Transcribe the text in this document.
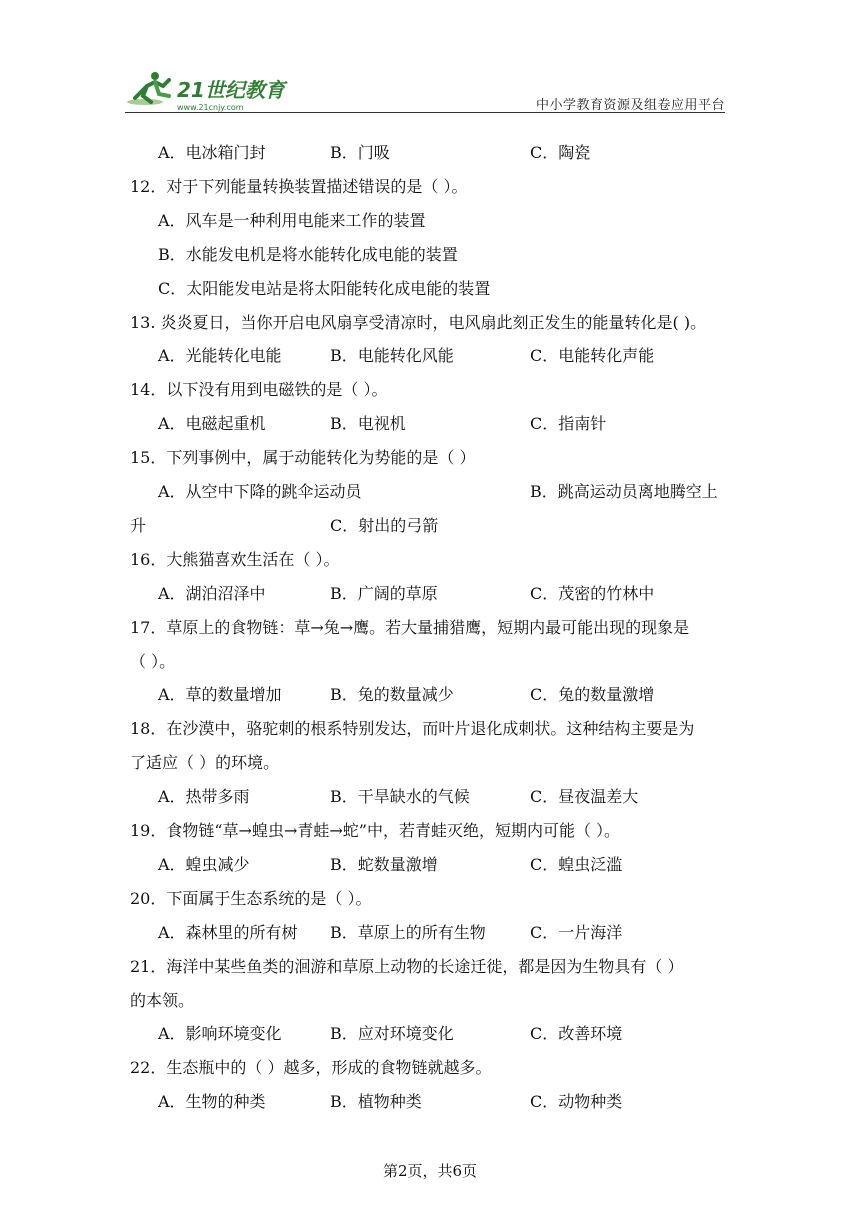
21世纪教育
www.21cnjy.com	中小学教育资源及组卷应用平台
A．电冰箱门封	B．门吸	C．陶瓷
12．对于下列能量转换装置描述错误的是（ ）。
A．风车是一种利用电能来工作的装置
B．水能发电机是将水能转化成电能的装置
C．太阳能发电站是将太阳能转化成电能的装置
13. 炎炎夏日，当你开启电风扇享受清凉时，电风扇此刻正发生的能量转化是( )。
A．光能转化电能	B．电能转化风能	C．电能转化声能
14．以下没有用到电磁铁的是（ ）。
A．电磁起重机	B．电视机	C．指南针
15．下列事例中，属于动能转化为势能的是（ ）
A．从空中下降的跳伞运动员	B．跳高运动员离地腾空上
升	C．射出的弓箭
16．大熊猫喜欢生活在（ ）。
A．湖泊沼泽中	B．广阔的草原	C．茂密的竹林中
17．草原上的食物链：草→兔→鹰。若大量捕猎鹰，短期内最可能出现的现象是
（ ）。
A．草的数量增加	B．兔的数量减少	C．兔的数量激增
18．在沙漠中，骆驼刺的根系特别发达，而叶片退化成刺状。这种结构主要是为
了适应（ ）的环境。
A．热带多雨	B．干旱缺水的气候	C．昼夜温差大
19．食物链“草→蝗虫→青蛙→蛇”中，若青蛙灭绝，短期内可能（ ）。
A．蝗虫减少	B．蛇数量激增	C．蝗虫泛滥
20．下面属于生态系统的是（ ）。
A．森林里的所有树 B．草原上的所有生物	C．一片海洋
21．海洋中某些鱼类的洄游和草原上动物的长途迁徙，都是因为生物具有（ ）
的本领。
A．影响环境变化	B．应对环境变化	C．改善环境
22．生态瓶中的（ ）越多，形成的食物链就越多。
A．生物的种类	B．植物种类	C．动物种类
第2页，共6页
